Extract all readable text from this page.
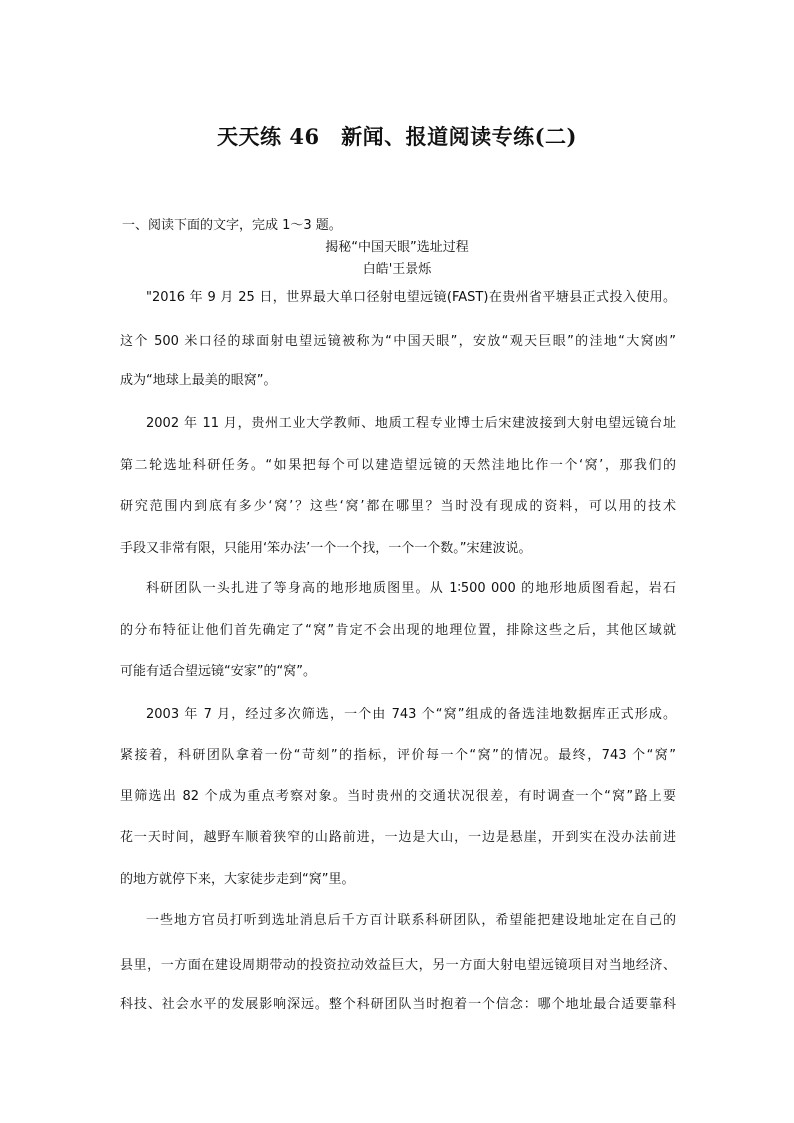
天天练 46　新闻、报道阅读专练(二)
一、阅读下面的文字，完成 1～3 题。
揭秘“中国天眼”选址过程
白皓'王景烁
"2016 年 9 月 25 日，世界最大单口径射电望远镜(FAST)在贵州省平塘县正式投入使用。
这个 500 米口径的球面射电望远镜被称为“中国天眼”，安放“观天巨眼”的洼地“大窝凼”
成为“地球上最美的眼窝”。
2002 年 11 月，贵州工业大学教师、地质工程专业博士后宋建波接到大射电望远镜台址
第二轮选址科研任务。“如果把每个可以建造望远镜的天然洼地比作一个‘窝’，那我们的
研究范围内到底有多少‘窝’？这些‘窝’都在哪里？当时没有现成的资料，可以用的技术
手段又非常有限，只能用‘笨办法’一个一个找，一个一个数。”宋建波说。
科研团队一头扎进了等身高的地形地质图里。从 1∶500 000 的地形地质图看起，岩石
的分布特征让他们首先确定了“窝”肯定不会出现的地理位置，排除这些之后，其他区域就
可能有适合望远镜“安家”的“窝”。
2003 年 7 月，经过多次筛选，一个由 743 个“窝”组成的备选洼地数据库正式形成。
紧接着，科研团队拿着一份“苛刻”的指标，评价每一个“窝”的情况。最终，743 个“窝”
里筛选出 82 个成为重点考察对象。当时贵州的交通状况很差，有时调查一个“窝”路上要
花一天时间，越野车顺着狭窄的山路前进，一边是大山，一边是悬崖，开到实在没办法前进
的地方就停下来，大家徒步走到“窝”里。
一些地方官员打听到选址消息后千方百计联系科研团队，希望能把建设地址定在自己的
县里，一方面在建设周期带动的投资拉动效益巨大，另一方面大射电望远镜项目对当地经济、
科技、社会水平的发展影响深远。整个科研团队当时抱着一个信念：哪个地址最合适要靠科
